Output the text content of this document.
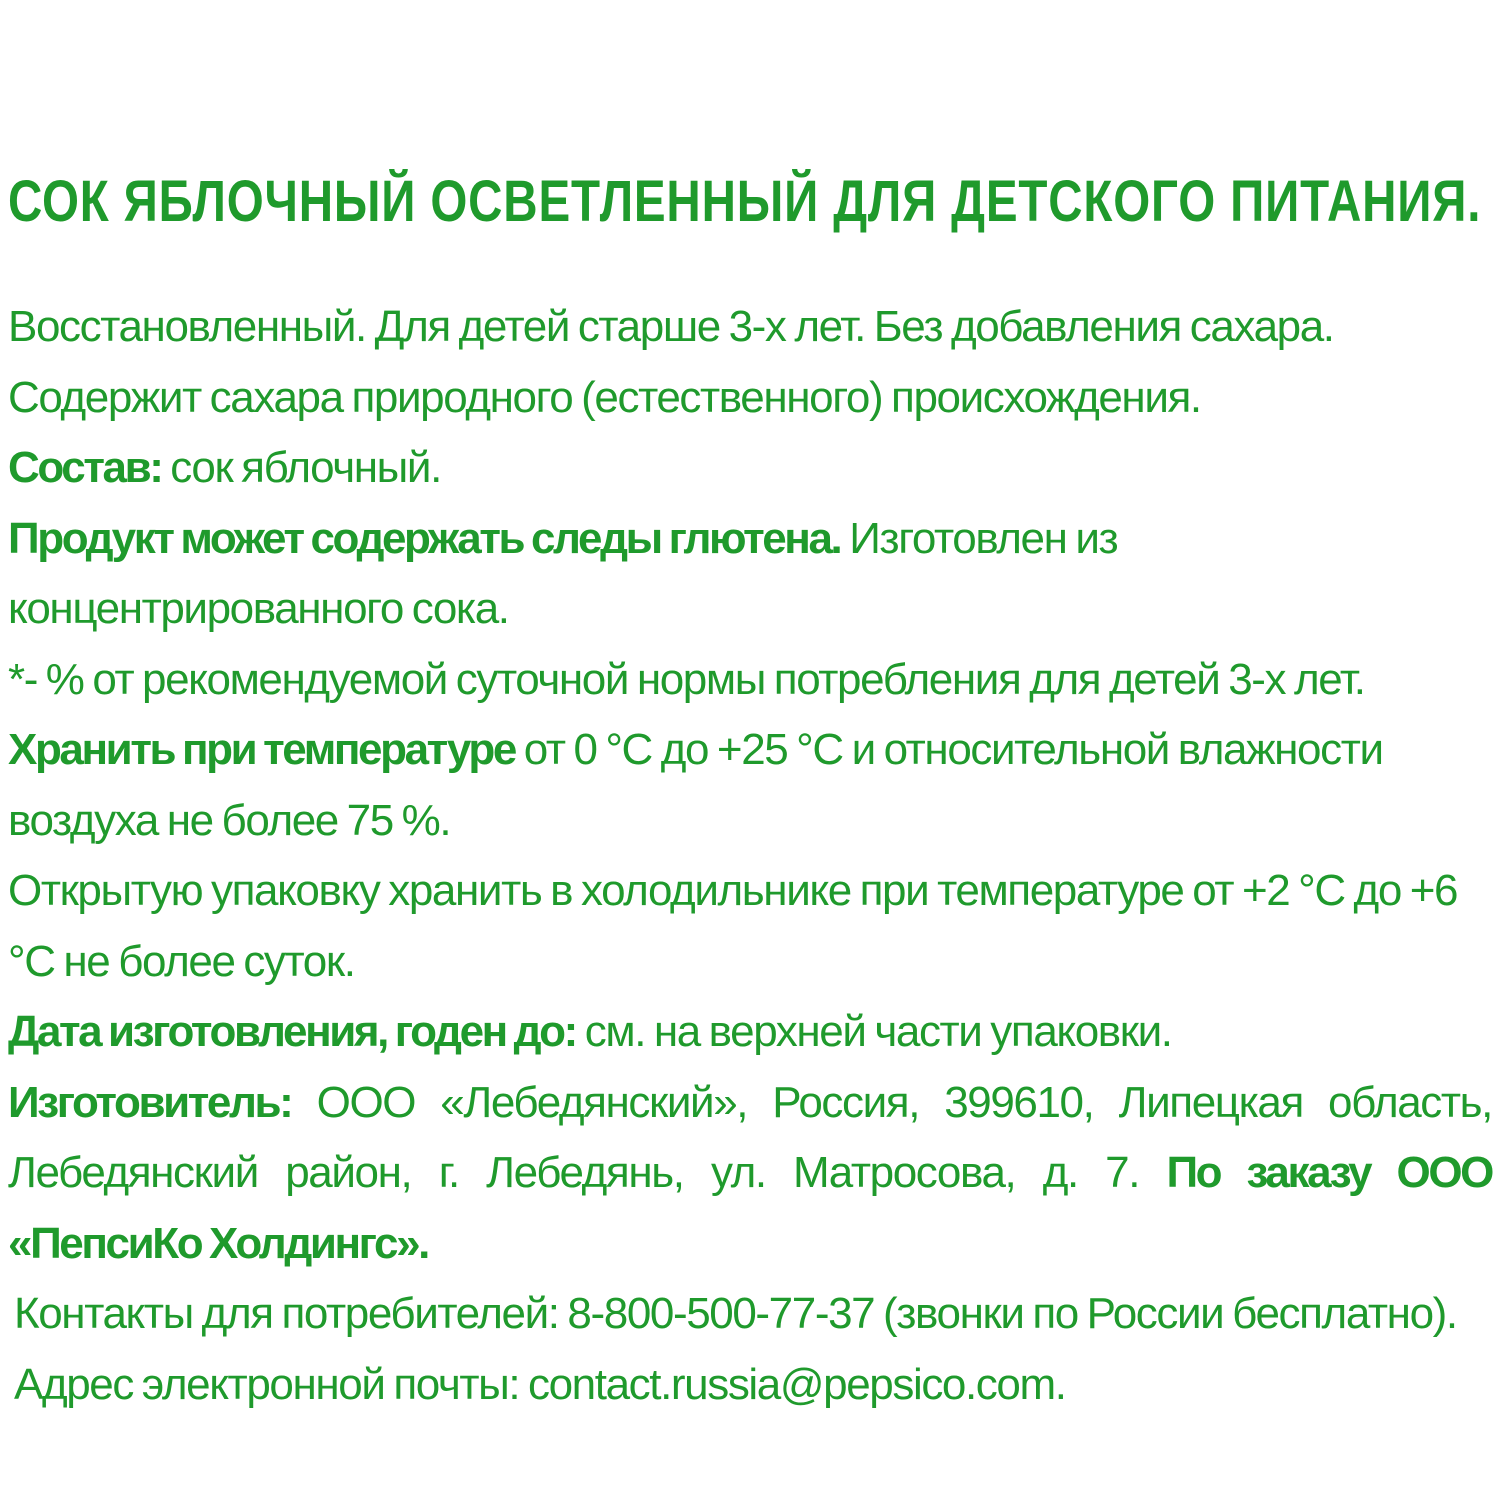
СОК ЯБЛОЧНЫЙ ОСВЕТЛЕННЫЙ ДЛЯ ДЕТСКОГО ПИТАНИЯ.

Восстановленный. Для детей старше 3-х лет. Без добавления сахара. Содержит сахара природного (естественного) происхождения.

Состав: сок яблочный.

Продукт может содержать следы глютена. Изготовлен из концентрированного сока.

*- % от рекомендуемой суточной нормы потребления для детей 3-х лет.

Хранить при температуре от 0 °С до +25 °С и относительной влажности воздуха не более 75 %.

Открытую упаковку хранить в холодильнике при температуре от +2 °С до +6 °С не более суток.

Дата изготовления, годен до: см. на верхней части упаковки.

Изготовитель: ООО «Лебедянский», Россия, 399610, Липецкая область, Лебедянский район, г. Лебедянь, ул. Матросова, д. 7. По заказу ООО «ПепсиКо Холдингс».

Контакты для потребителей: 8-800-500-77-37 (звонки по России бесплатно).

Адрес электронной почты: contact.russia@pepsico.com.
